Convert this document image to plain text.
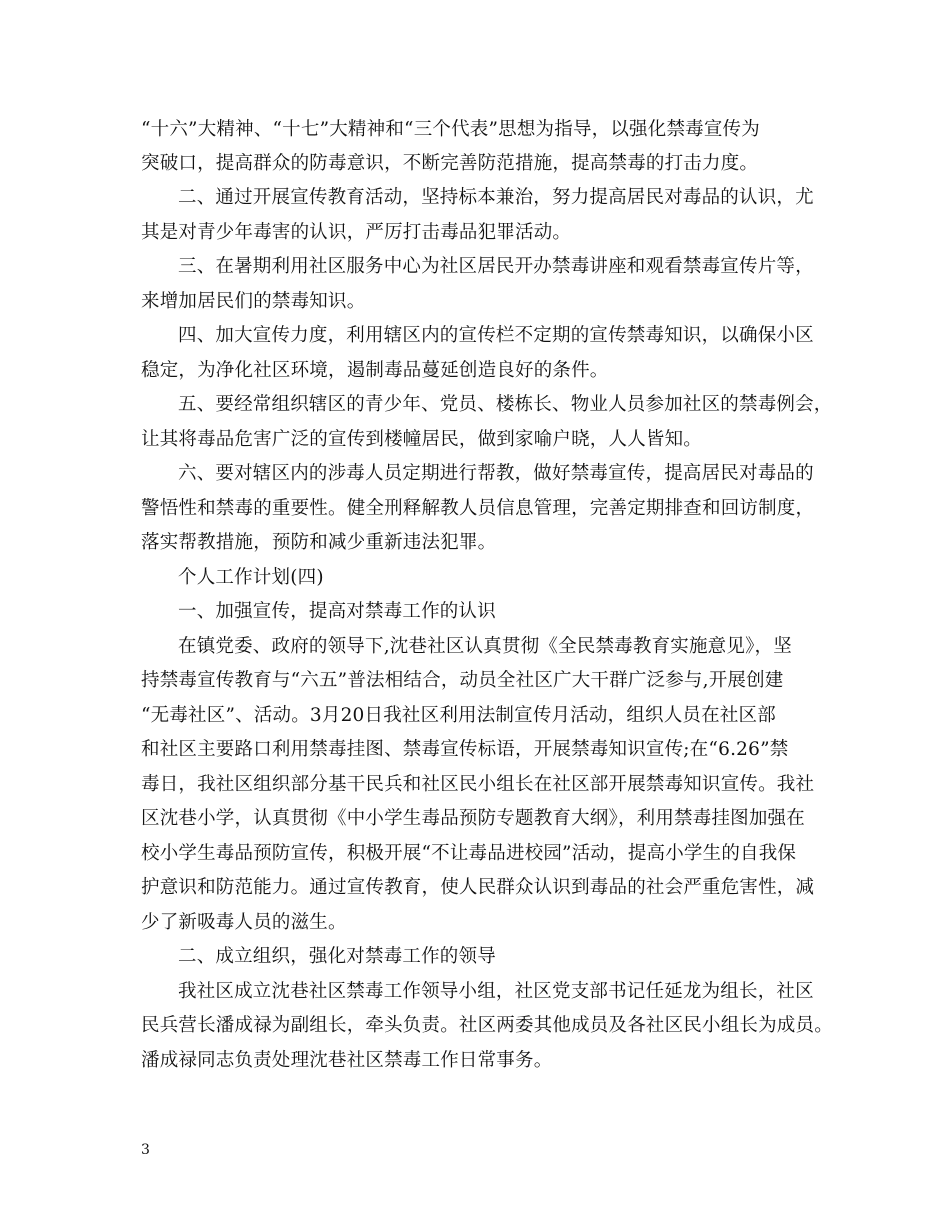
“十六”大精神、“十七”大精神和“三个代表”思想为指导，以强化禁毒宣传为
突破口，提高群众的防毒意识，不断完善防范措施，提高禁毒的打击力度。
二、通过开展宣传教育活动，坚持标本兼治，努力提高居民对毒品的认识，尤
其是对青少年毒害的认识，严厉打击毒品犯罪活动。
三、在暑期利用社区服务中心为社区居民开办禁毒讲座和观看禁毒宣传片等，
来增加居民们的禁毒知识。
四、加大宣传力度，利用辖区内的宣传栏不定期的宣传禁毒知识，以确保小区
稳定，为净化社区环境，遏制毒品蔓延创造良好的条件。
五、要经常组织辖区的青少年、党员、楼栋长、物业人员参加社区的禁毒例会，
让其将毒品危害广泛的宣传到楼幢居民，做到家喻户晓，人人皆知。
六、要对辖区内的涉毒人员定期进行帮教，做好禁毒宣传，提高居民对毒品的
警悟性和禁毒的重要性。健全刑释解教人员信息管理，完善定期排查和回访制度，
落实帮教措施，预防和减少重新违法犯罪。
个人工作计划(四)
一、加强宣传，提高对禁毒工作的认识
在镇党委、政府的领导下,沈巷社区认真贯彻《全民禁毒教育实施意见》，坚
持禁毒宣传教育与“六五”普法相结合，动员全社区广大干群广泛参与,开展创建
“无毒社区”、活动。3月20日我社区利用法制宣传月活动，组织人员在社区部
和社区主要路口利用禁毒挂图、禁毒宣传标语，开展禁毒知识宣传;在“6.26”禁
毒日，我社区组织部分基干民兵和社区民小组长在社区部开展禁毒知识宣传。我社
区沈巷小学，认真贯彻《中小学生毒品预防专题教育大纲》，利用禁毒挂图加强在
校小学生毒品预防宣传，积极开展“不让毒品进校园”活动，提高小学生的自我保
护意识和防范能力。通过宣传教育，使人民群众认识到毒品的社会严重危害性，减
少了新吸毒人员的滋生。
二、成立组织，强化对禁毒工作的领导
我社区成立沈巷社区禁毒工作领导小组，社区党支部书记任延龙为组长，社区
民兵营长潘成禄为副组长，牵头负责。社区两委其他成员及各社区民小组长为成员。
潘成禄同志负责处理沈巷社区禁毒工作日常事务。
3
